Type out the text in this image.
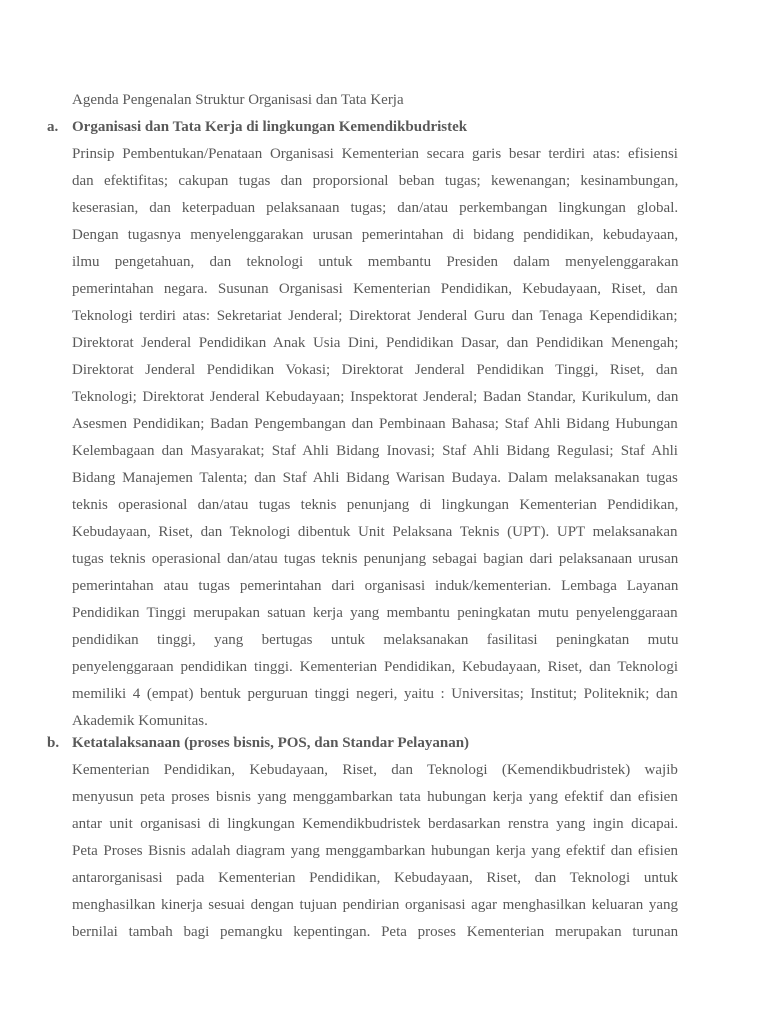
Agenda Pengenalan Struktur Organisasi dan Tata Kerja
a. Organisasi dan Tata Kerja di lingkungan Kemendikbudristek
Prinsip Pembentukan/Penataan Organisasi Kementerian secara garis besar terdiri atas: efisiensi
dan efektifitas; cakupan tugas dan proporsional beban tugas; kewenangan; kesinambungan,
keserasian, dan keterpaduan pelaksanaan tugas; dan/atau perkembangan lingkungan global.
Dengan tugasnya menyelenggarakan urusan pemerintahan di bidang pendidikan, kebudayaan,
ilmu pengetahuan, dan teknologi untuk membantu Presiden dalam menyelenggarakan
pemerintahan negara. Susunan Organisasi Kementerian Pendidikan, Kebudayaan, Riset, dan
Teknologi terdiri atas: Sekretariat Jenderal; Direktorat Jenderal Guru dan Tenaga Kependidikan;
Direktorat Jenderal Pendidikan Anak Usia Dini, Pendidikan Dasar, dan Pendidikan Menengah;
Direktorat Jenderal Pendidikan Vokasi; Direktorat Jenderal Pendidikan Tinggi, Riset, dan
Teknologi; Direktorat Jenderal Kebudayaan; Inspektorat Jenderal; Badan Standar, Kurikulum, dan
Asesmen Pendidikan; Badan Pengembangan dan Pembinaan Bahasa; Staf Ahli Bidang Hubungan
Kelembagaan dan Masyarakat; Staf Ahli Bidang Inovasi; Staf Ahli Bidang Regulasi; Staf Ahli
Bidang Manajemen Talenta; dan Staf Ahli Bidang Warisan Budaya. Dalam melaksanakan tugas
teknis operasional dan/atau tugas teknis penunjang di lingkungan Kementerian Pendidikan,
Kebudayaan, Riset, dan Teknologi dibentuk Unit Pelaksana Teknis (UPT). UPT melaksanakan
tugas teknis operasional dan/atau tugas teknis penunjang sebagai bagian dari pelaksanaan urusan
pemerintahan atau tugas pemerintahan dari organisasi induk/kementerian. Lembaga Layanan
Pendidikan Tinggi merupakan satuan kerja yang membantu peningkatan mutu penyelenggaraan
pendidikan tinggi, yang bertugas untuk melaksanakan fasilitasi peningkatan mutu
penyelenggaraan pendidikan tinggi. Kementerian Pendidikan, Kebudayaan, Riset, dan Teknologi
memiliki 4 (empat) bentuk perguruan tinggi negeri, yaitu : Universitas; Institut; Politeknik; dan
Akademik Komunitas.
b. Ketatalaksanaan (proses bisnis, POS, dan Standar Pelayanan)
Kementerian Pendidikan, Kebudayaan, Riset, dan Teknologi (Kemendikbudristek) wajib
menyusun peta proses bisnis yang menggambarkan tata hubungan kerja yang efektif dan efisien
antar unit organisasi di lingkungan Kemendikbudristek berdasarkan renstra yang ingin dicapai.
Peta Proses Bisnis adalah diagram yang menggambarkan hubungan kerja yang efektif dan efisien
antarorganisasi pada Kementerian Pendidikan, Kebudayaan, Riset, dan Teknologi untuk
menghasilkan kinerja sesuai dengan tujuan pendirian organisasi agar menghasilkan keluaran yang
bernilai tambah bagi pemangku kepentingan. Peta proses Kementerian merupakan turunan
